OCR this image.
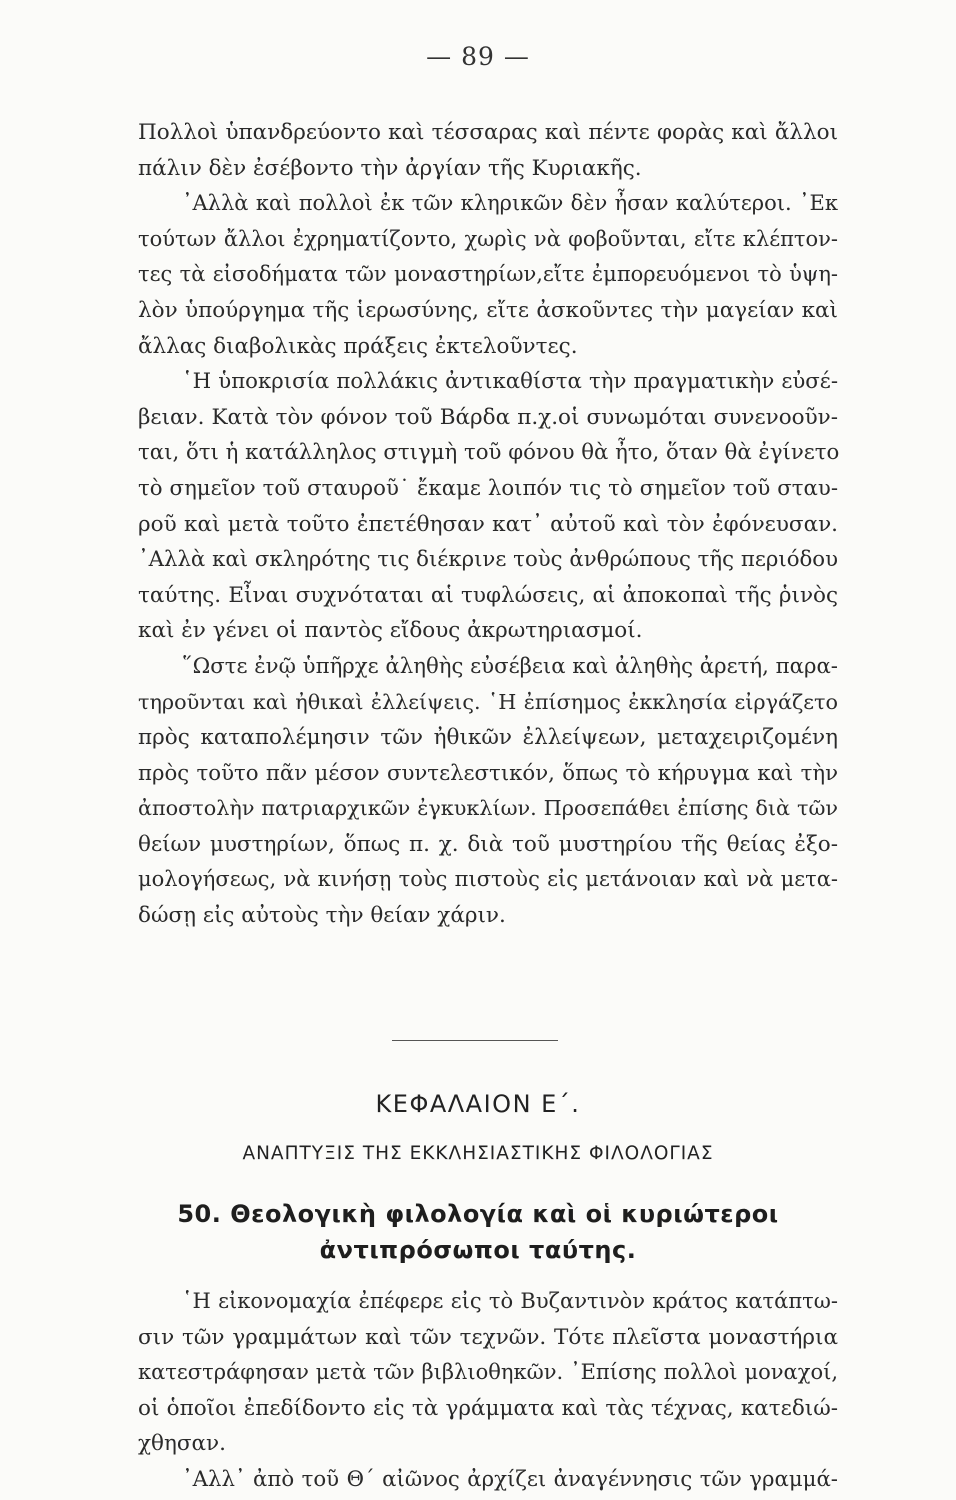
— 89 —
Πολλοὶ ὑπανδρεύοντο καὶ τέσσαρας καὶ πέντε φορὰς καὶ ἄλλοι
πάλιν δὲν ἐσέβοντο τὴν ἀργίαν τῆς Κυριακῆς.
᾿Αλλὰ καὶ πολλοὶ ἐκ τῶν κληρικῶν δὲν ἦσαν καλύτεροι. ᾿Εκ
τούτων ἄλλοι ἐχρηματίζοντο, χωρὶς νὰ φοβοῦνται, εἴτε κλέπτον-
τες τὰ εἰσοδήματα τῶν μοναστηρίων,εἴτε ἐμπορευόμενοι τὸ ὑψη-
λὸν ὑπούργημα τῆς ἱερωσύνης, εἴτε ἀσκοῦντες τὴν μαγείαν καὶ
ἄλλας διαβολικὰς πράξεις ἐκτελοῦντες.
῾Η ὑποκρισία πολλάκις ἀντικαθίστα τὴν πραγματικὴν εὐσέ-
βειαν. Κατὰ τὸν φόνον τοῦ Βάρδα π.χ.οἱ συνωμόται συνενοοῦν-
ται, ὅτι ἡ κατάλληλος στιγμὴ τοῦ φόνου θὰ ἦτο, ὅταν θὰ ἐγίνετο
τὸ σημεῖον τοῦ σταυροῦ˙ ἔκαμε λοιπόν τις τὸ σημεῖον τοῦ σταυ-
ροῦ καὶ μετὰ τοῦτο ἐπετέθησαν κατ᾿ αὐτοῦ καὶ τὸν ἐφόνευσαν.
᾿Αλλὰ καὶ σκληρότης τις διέκρινε τοὺς ἀνθρώπους τῆς περιόδου
ταύτης. Εἶναι συχνόταται αἱ τυφλώσεις, αἱ ἀποκοπαὶ τῆς ῥινὸς
καὶ ἐν γένει οἱ παντὸς εἴδους ἀκρωτηριασμοί.
῞Ωστε ἐνῷ ὑπῆρχε ἀληθὴς εὐσέβεια καὶ ἀληθὴς ἀρετή, παρα-
τηροῦνται καὶ ἠθικαὶ ἐλλείψεις. ῾Η ἐπίσημος ἐκκλησία εἰργάζετο
πρὸς καταπολέμησιν τῶν ἠθικῶν ἐλλείψεων, μεταχειριζομένη
πρὸς τοῦτο πᾶν μέσον συντελεστικόν, ὅπως τὸ κήρυγμα καὶ τὴν
ἀποστολὴν πατριαρχικῶν ἐγκυκλίων. Προσεπάθει ἐπίσης διὰ τῶν
θείων μυστηρίων, ὅπως π. χ. διὰ τοῦ μυστηρίου τῆς θείας ἐξο-
μολογήσεως, νὰ κινήσῃ τοὺς πιστοὺς εἰς μετάνοιαν καὶ νὰ μετα-
δώσῃ εἰς αὐτοὺς τὴν θείαν χάριν.
ΚΕΦΑΛΑΙΟΝ Ε΄.
ΑΝΑΠΤΥΞΙΣ ΤΗΣ ΕΚΚΛΗΣΙΑΣΤΙΚΗΣ ΦΙΛΟΛΟΓΙΑΣ
50. Θεολογικὴ φιλολογία καὶ οἱ κυριώτεροι
ἀντιπρόσωποι ταύτης.
῾Η εἰκονομαχία ἐπέφερε εἰς τὸ Βυζαντινὸν κράτος κατάπτω-
σιν τῶν γραμμάτων καὶ τῶν τεχνῶν. Τότε πλεῖστα μοναστήρια
κατεστράφησαν μετὰ τῶν βιβλιοθηκῶν. ᾿Επίσης πολλοὶ μοναχοί,
οἱ ὁποῖοι ἐπεδίδοντο εἰς τὰ γράμματα καὶ τὰς τέχνας, κατεδιώ-
χθησαν.
᾿Αλλ᾿ ἀπὸ τοῦ Θ΄ αἰῶνος ἀρχίζει ἀναγέννησις τῶν γραμμά-
